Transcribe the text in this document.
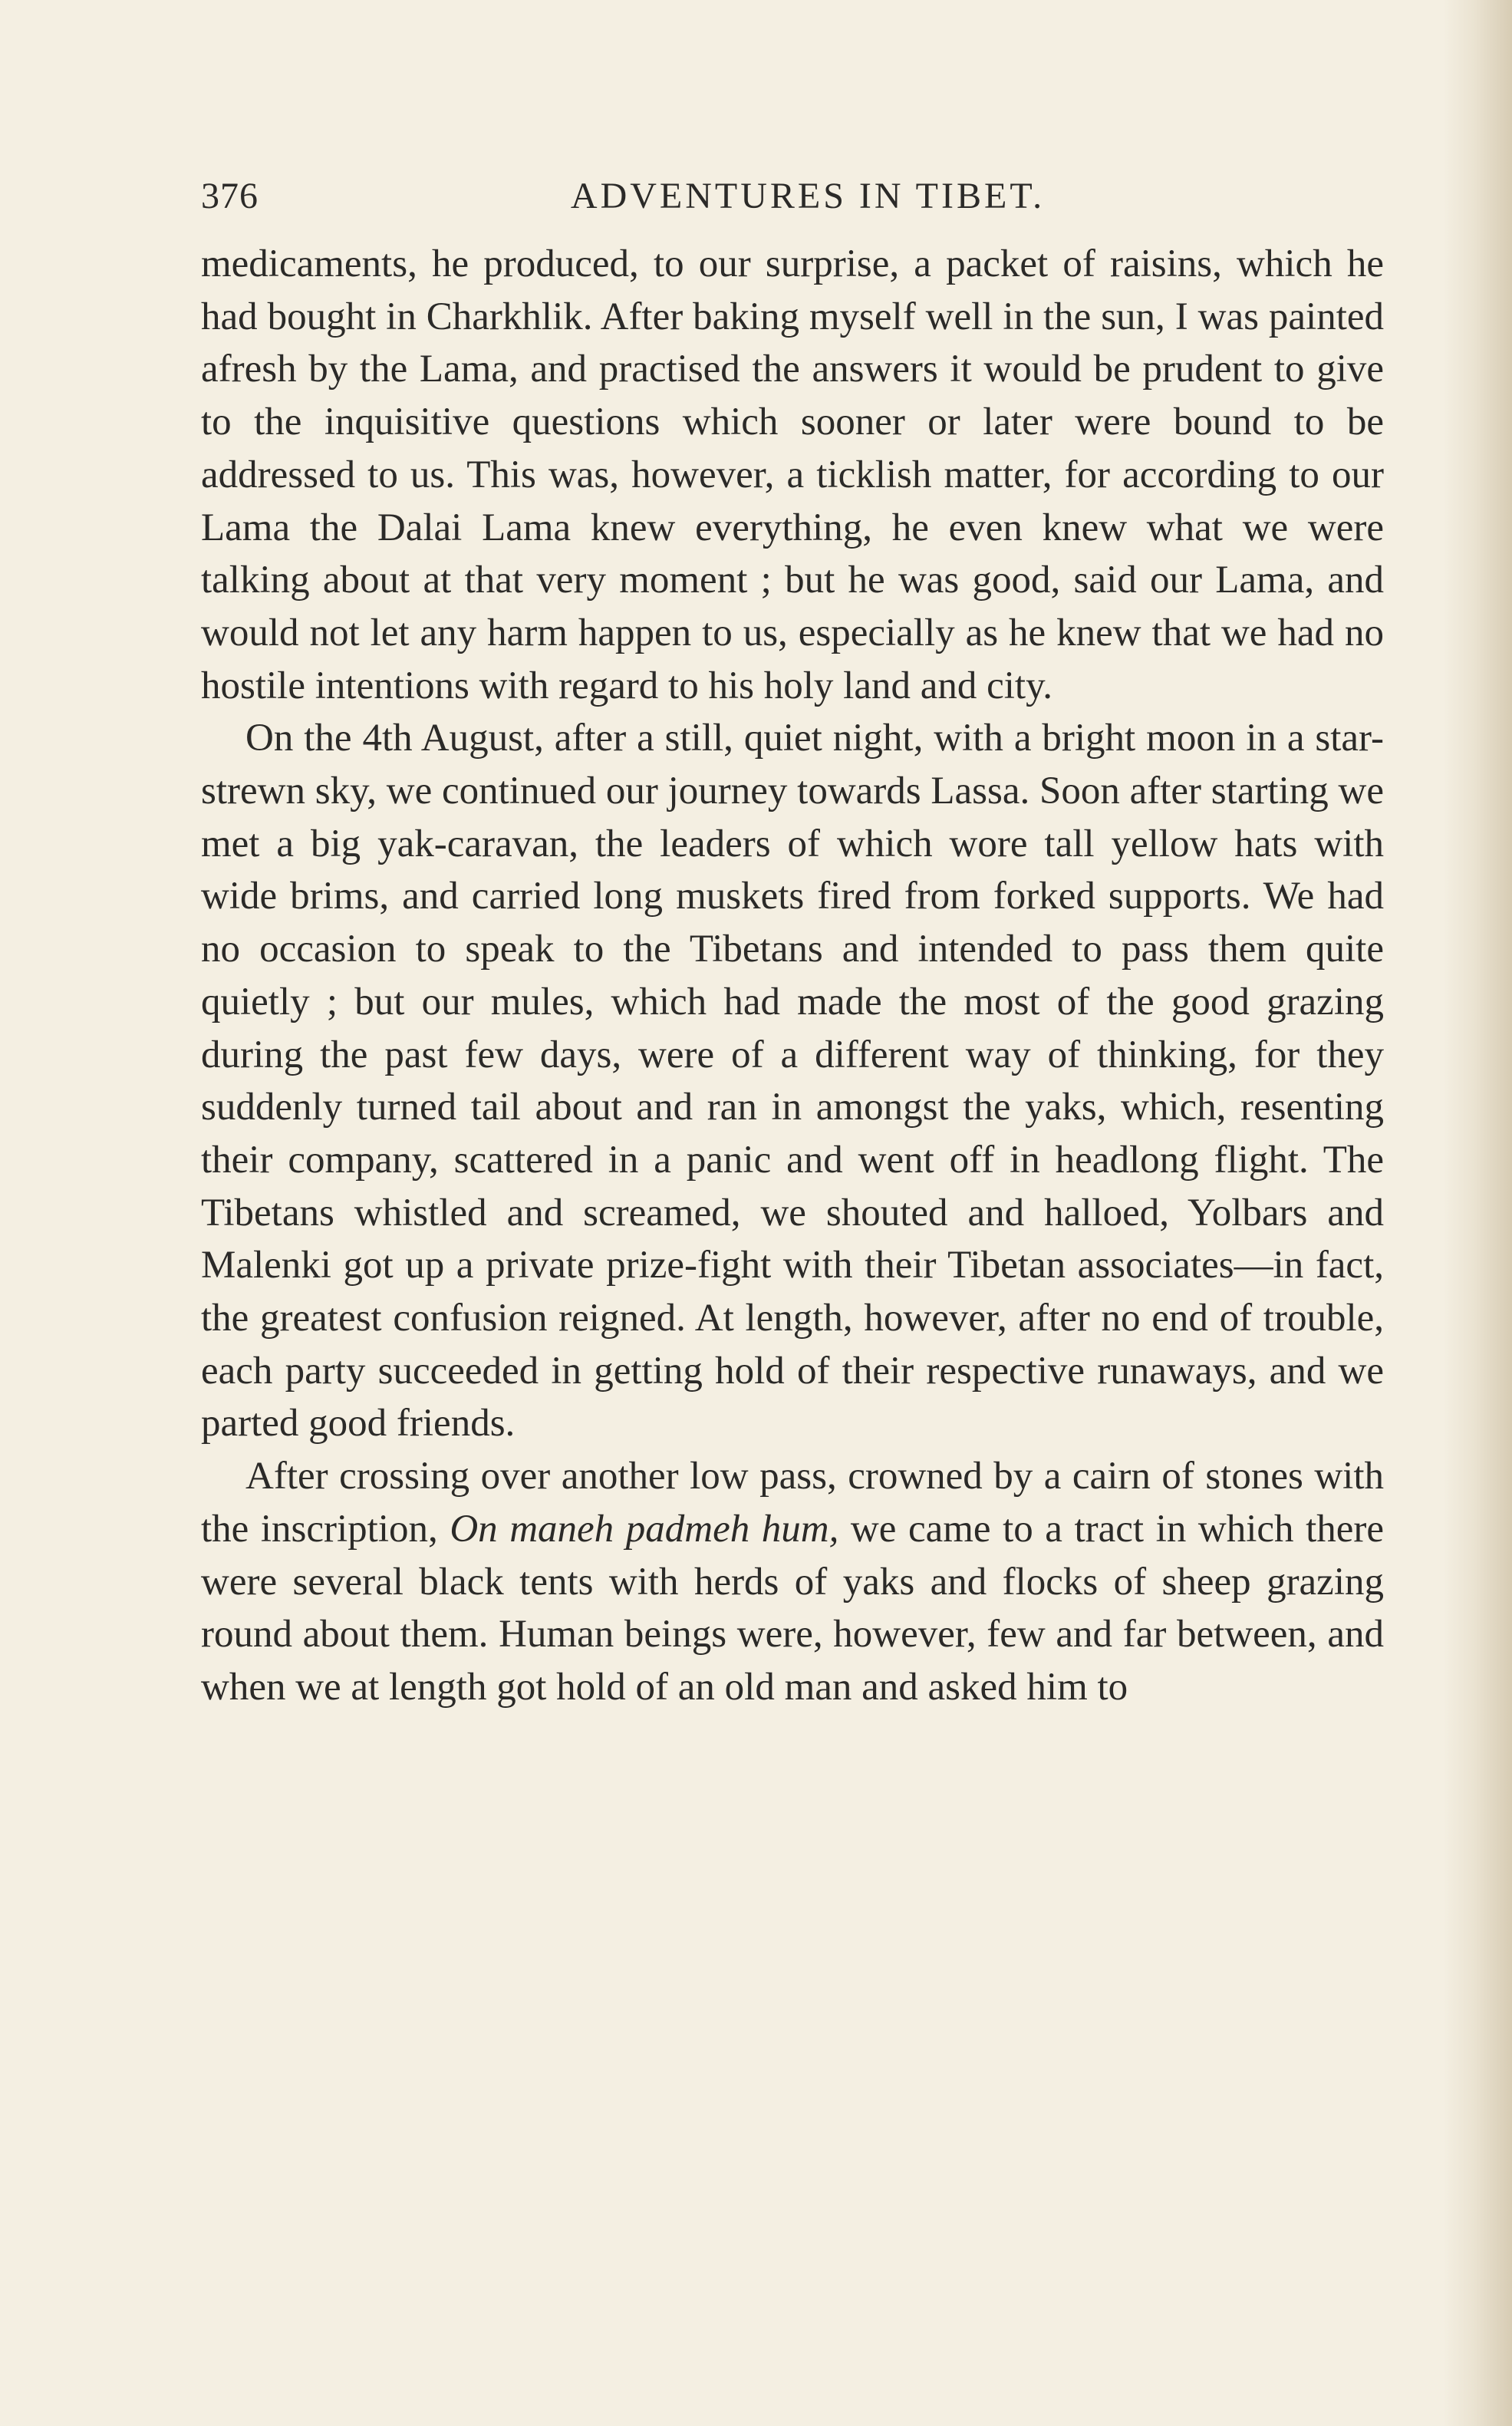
376	ADVENTURES IN TIBET.

medicaments, he produced, to our surprise, a packet of raisins, which he had bought in Charkhlik. After baking myself well in the sun, I was painted afresh by the Lama, and practised the answers it would be prudent to give to the inquisitive questions which sooner or later were bound to be addressed to us. This was, however, a ticklish matter, for according to our Lama the Dalai Lama knew everything, he even knew what we were talking about at that very moment ; but he was good, said our Lama, and would not let any harm happen to us, especially as he knew that we had no hostile intentions with regard to his holy land and city.

On the 4th August, after a still, quiet night, with a bright moon in a star-strewn sky, we continued our journey towards Lassa. Soon after starting we met a big yak-caravan, the leaders of which wore tall yellow hats with wide brims, and carried long muskets fired from forked supports. We had no occasion to speak to the Tibetans and intended to pass them quite quietly ; but our mules, which had made the most of the good grazing during the past few days, were of a different way of thinking, for they suddenly turned tail about and ran in amongst the yaks, which, resenting their company, scattered in a panic and went off in headlong flight. The Tibetans whistled and screamed, we shouted and halloed, Yolbars and Malenki got up a private prize-fight with their Tibetan associates—in fact, the greatest confusion reigned. At length, however, after no end of trouble, each party succeeded in getting hold of their respective runaways, and we parted good friends.

After crossing over another low pass, crowned by a cairn of stones with the inscription, On maneh padmeh hum, we came to a tract in which there were several black tents with herds of yaks and flocks of sheep grazing round about them. Human beings were, however, few and far between, and when we at length got hold of an old man and asked him to
